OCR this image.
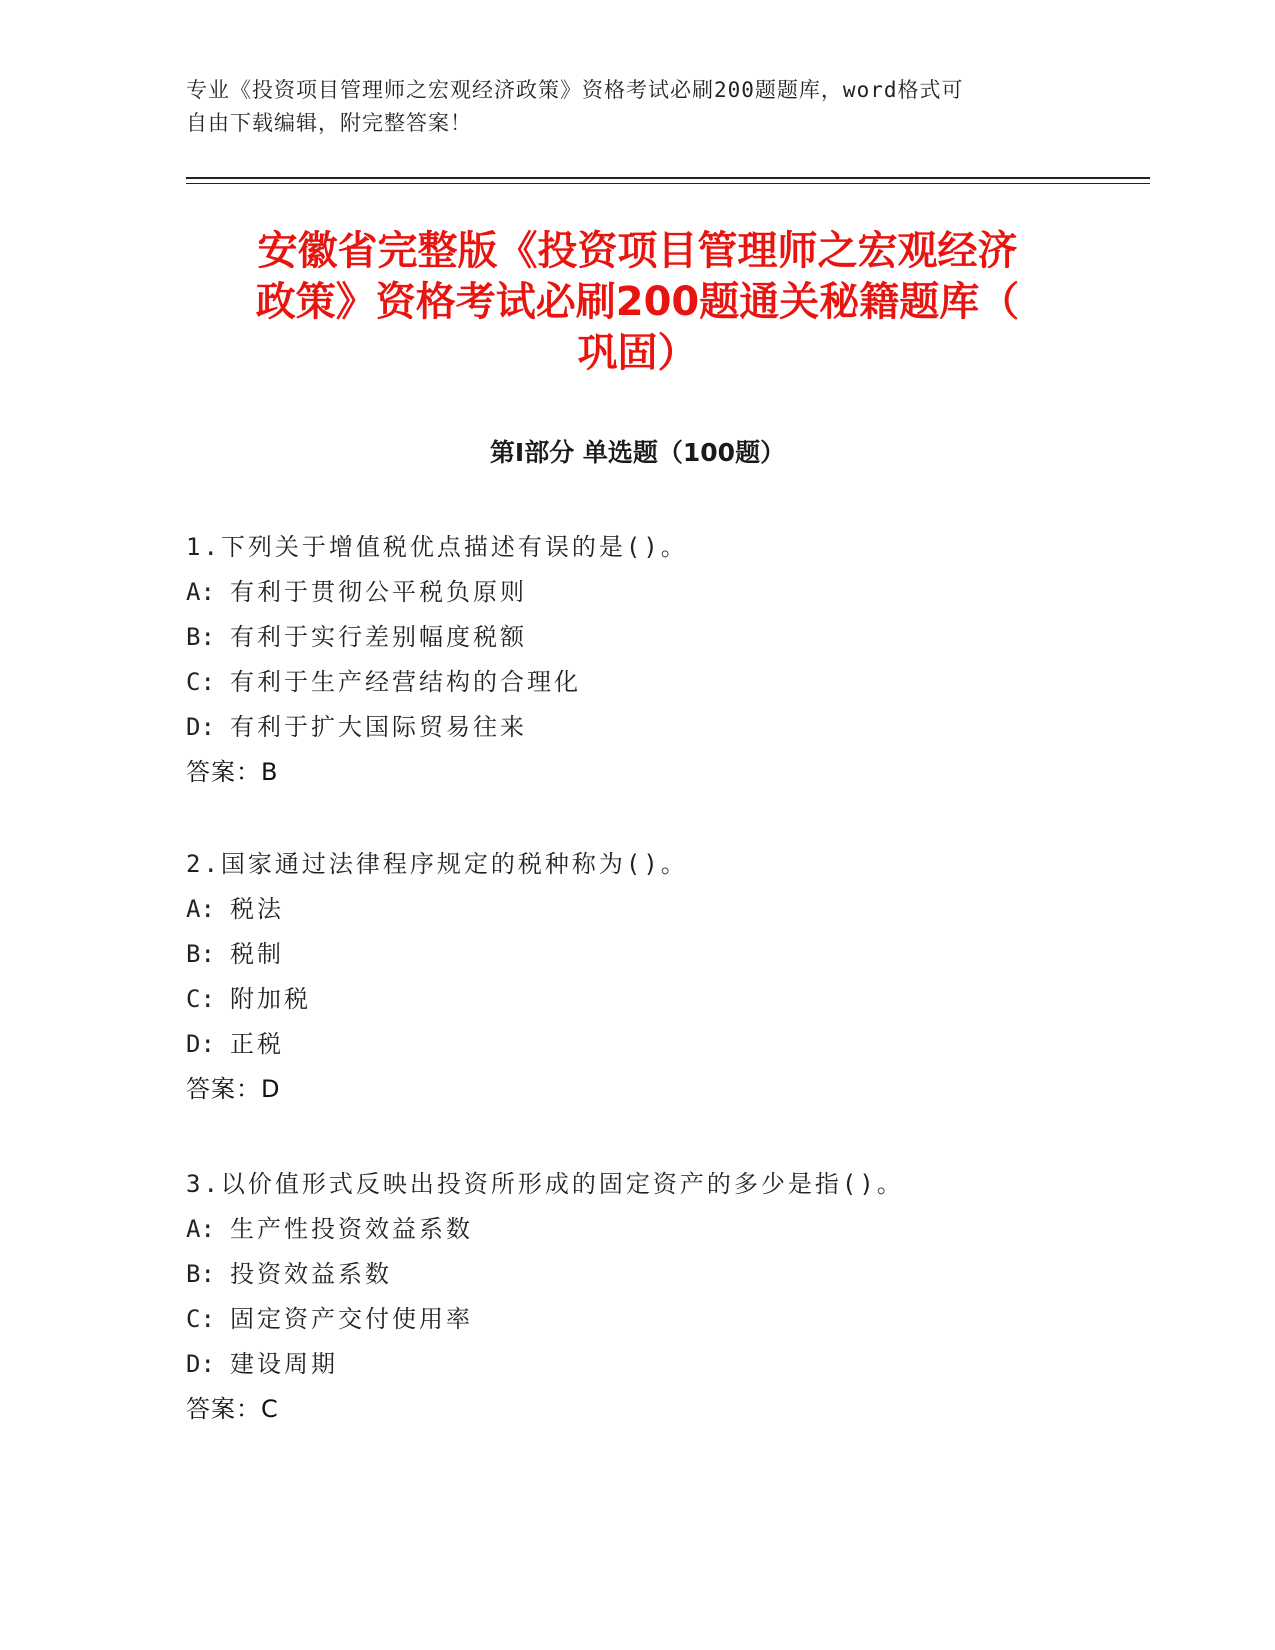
专业《投资项目管理师之宏观经济政策》资格考试必刷200题题库，word格式可
自由下载编辑，附完整答案！
安徽省完整版《投资项目管理师之宏观经济
政策》资格考试必刷200题通关秘籍题库（
巩固）
第Ⅰ部分 单选题（100题）
1.下列关于增值税优点描述有误的是()。
A: 有利于贯彻公平税负原则
B: 有利于实行差别幅度税额
C: 有利于生产经营结构的合理化
D: 有利于扩大国际贸易往来
答案：B
2.国家通过法律程序规定的税种称为()。
A: 税法
B: 税制
C: 附加税
D: 正税
答案：D
3.以价值形式反映出投资所形成的固定资产的多少是指()。
A: 生产性投资效益系数
B: 投资效益系数
C: 固定资产交付使用率
D: 建设周期
答案：C
